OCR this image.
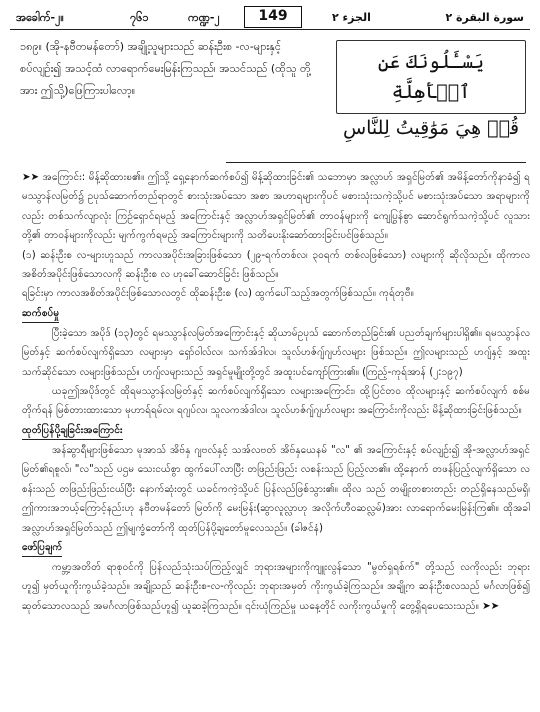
အခေါက်-၂။	၇၆၁	ကဏ္ဍ-၂	149	الجزء ٢	سورة البقرة ٢
၁၈၉။ (အို-နဗီတမန်တော်) အချို့သူများသည် ဆန်းဦးစ -လ-များနှင့် စပ်လျဉ်း၍ အသင့်ထံ လာရောက်မေးမြန်းကြသည်၊ အသင်သည် (ထိုသူ တို့အား ဤသို့)ဖြေကြားပါလော့။
يَسْـَٔلُونَكَ عَنِ ٱلۡأَهِلَّةِ
قُلۡ هِيَ مَوَٰقِيتُ لِلنَّاسِ

➤➤ အကြောင်း: မိန့်ဆိုထားၿ၏။ ဤသို့ ရှေ့နောက်ဆက်စပ်၍ မိန့်ဆိုထားခြင်း၏ သဘောမှာ အလ္လာဟ် အရှင်မြတ်၏ အမိန့်တော်ကိုနာခံ၍ ရမဿွာန်လမြတ်၌ ဥပုသ်ဆောက်တည်ရာတွင် စားသုံးအပ်သော အစာ အဟာရများကိုပင် မစားသုံးသကဲ့သို့ပင် မစားသုံးအပ်သော အရာများကိုလည်း တစ်သက်လျာလုံး ကြဉ်ရှောင်ရမည့် အကြောင်းနှင့် အလ္လာဟ်အရှင်မြတ်၏ တာဝန်များကို ကျေပြွန်စွာ ဆောင်ရွက်သကဲ့သို့ပင် လူသားတို့၏ တာဝန်များကိုလည်း မျက်ကွက်ရမည့် အကြောင်းများကို သတိပေးနိုးဆော်ထားခြင်းပင်ဖြစ်သည်။

(၁) ဆန်းဦးစ လ-များဟူသည် ကာလအပိုင်းအခြားဖြစ်သော (၂၉-ရက်တစ်လ၊ ၃၀ရက် တစ်လဖြစ်သော) လများကို ဆိုလိုသည်။ ထိုကာလအစိတ်အပိုင်းဖြစ်သောလကို ဆန်းဦးစ လ ဟုခေါ်ဆောင်ခြင်း ဖြစ်သည်။

ရခြင်းမှာ ကာလအစိတ်အပိုင်းဖြစ်သောလတွင် ထိုဆန်းဦးစ (လ) ထွက်ပေါ်သည့်အတွက်ဖြစ်သည်။ ကုရ်တုဗီ။

ဆက်စပ်မှု

ပြီးခဲ့သော အပိုဒ် (၁၃)တွင် ရမဿွာန်လမြတ်အကြောင်းနှင့် ဆိုယာမ်ဥပုသ် ဆောက်တည်ခြင်း၏ ပညတ်ချက်များပါရှိ၏။ ရမဿွာန်လမြတ်နှင့် ဆက်စပ်လျက်ရှိသော လများမှာ ရှော်ဝါလ်လ၊ သက်အ်ဒါလ၊ သူလ်ဟဇ်ဂျ်ဂျဟ်လများ ဖြစ်သည်။ ဤလများသည် ဟဂျ်နှင့် အထူးသက်ဆိုင်သော လများဖြစ်သည်။ ဟဂျ်လများသည် အရှင်မူမျိုးတို့တွင် အထူးပင်ကျော်ကြား၏။ (ကြည့်-ကုရ်အာန် (၂:၁၉၇)

ယခုဤအပိုဒ်တွင် ထိုရမဿွာန်လမြတ်နှင့် ဆက်စပ်လျက်ရှိသော လများအကြောင်း၊ ထို့ပြင်တဝ ထိုလများနှင့် ဆက်စပ်လျက် စစ်မတိုက်ရန် မြစ်တားထားသော မုဟာရ်ရမ်လ၊ ရဂျပ်လ၊ သူလကအ်ဒါလ၊ သူလ်ဟဇ်ဂျ်ဂျဟ်လများ အကြောင်းကိုလည်း မိန့်ဆိုထားခြင်းဖြစ်သည်။

ထုတ်ပြန်ပို့ချခြင်းအကြောင်း

အန်ဆွာရီများဖြစ်သော မုအာသ် အိဗ်နှ ဂျဗလ်နှင့် သအ်လဗတ် အိဗ်နှယေနမ် "လ" ၏ အကြောင်းနှင့် စပ်လျဉ်း၍ အို-အလ္လာဟ်အရှင်မြတ်၏ရစူလ်၊ "လ"သည် ပဌမ သေးငယ်စွာ ထွက်ပေါ်လာပြီး တဖြည်းဖြည်း လစန်းသည် ပြည့်လာ၏။ ထို့နောက် တဖန်ပြည့်လျက်ရှိသော လစန်းသည် တဖြည်းဖြည်းငယ်ပြီး နောက်ဆုံးတွင် ယခင်ကကဲ့သို့ပင် ပြန်လည်ဖြစ်သွား၏။ ထိုလ သည် တမျိုးတစားတည်း တည်ရှိနေသည်မရှိ၊ ဤကားအဘယ့်ကြောင့်နည်းဟု နဗီတမန်တော် မြတ်ကို မေးမြန်း(ဆွာလူလ္လာဟု အလိုက်ဟီဝဆလ္လမ်)အား လာရောက်မေးမြန်းကြ၏။ ထိုအခါ အလ္လာဟ်အရှင်မြတ်သည် ဤမျက္ခံတော်ကို ထုတ်ပြန်ပို့ချတော်မူလေသည်။ (ခါဇင်နံ)

ဖော်ပြချက်

ကမ္ဘာ့အတိတ် ရာစုဝင်ကို ပြန်လည်သုံးသပ်ကြည့်လျှင် ဘုရားအများကိုကျူးလွန်သော "မွတ်ရှရစ်က်" တို့သည် လကိုလည်း ဘုရားဟူ၍ မှတ်ယူကိုးကွယ်ခဲ့သည်။ အချို့သည် ဆန်းဦးစ-လ-ကိုလည်း ဘုရားအမှတ် ကိုးကွယ်ခဲ့ကြသည်။ အချို့က ဆန်းဦးစလသည် မင်္ဂလာဖြစ်၍ ဆုတ်သောလသည် အမင်္ဂလာဖြစ်သည်ဟူ၍ ယူဆခဲ့ကြသည်။ ၎င်းယုံကြည်မှု ယနေ့တိုင် လကိုးကွယ်မှုကို တွေ့ရှိရပေသေးသည်။ ➤➤
